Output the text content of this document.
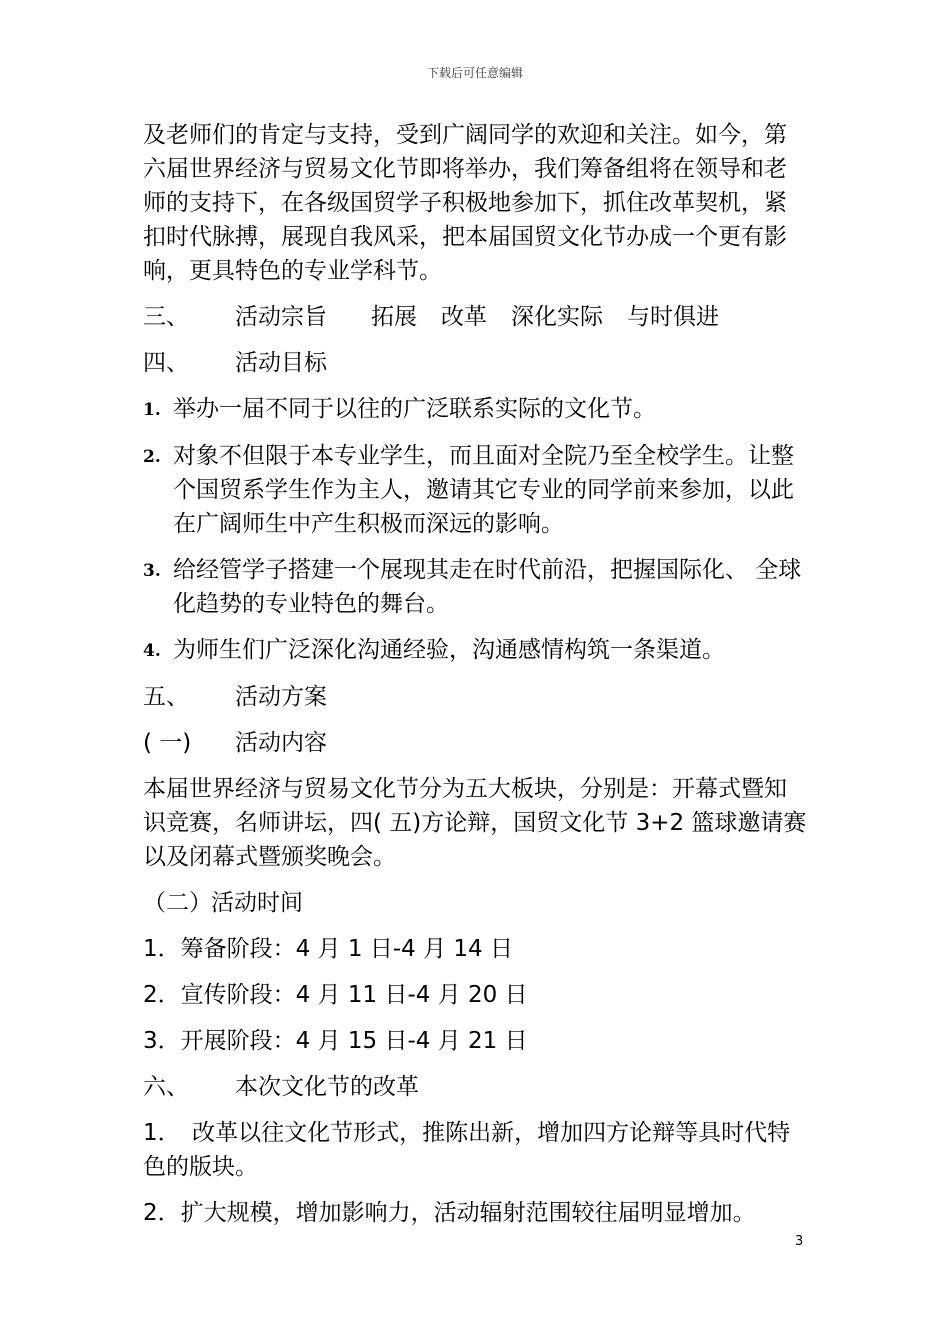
下载后可任意编辑

及老师们的肯定与支持，受到广阔同学的欢迎和关注。如今，第六届世界经济与贸易文化节即将举办，我们筹备组将在领导和老师的支持下，在各级国贸学子积极地参加下，抓住改革契机，紧扣时代脉搏，展现自我风采，把本届国贸文化节办成一个更有影响，更具特色的专业学科节。

三、 活动宗旨 拓展 改革 深化实际 与时俱进
四、 活动目标
1. 举办一届不同于以往的广泛联系实际的文化节。
2. 对象不但限于本专业学生，而且面对全院乃至全校学生。让整个国贸系学生作为主人，邀请其它专业的同学前来参加，以此在广阔师生中产生积极而深远的影响。
3. 给经管学子搭建一个展现其走在时代前沿，把握国际化、 全球化趋势的专业特色的舞台。
4. 为师生们广泛深化沟通经验，沟通感情构筑一条渠道。
五、 活动方案
( 一) 活动内容

本届世界经济与贸易文化节分为五大板块，分别是：开幕式暨知识竞赛，名师讲坛，四( 五)方论辩，国贸文化节 3+2 篮球邀请赛以及闭幕式暨颁奖晚会。

（二）活动时间
1．筹备阶段：4 月 1 日-4 月 14 日
2．宣传阶段：4 月 11 日-4 月 20 日
3．开展阶段：4 月 15 日-4 月 21 日
六、 本次文化节的改革

1．　改革以往文化节形式，推陈出新，增加四方论辩等具时代特色的版块。

2．扩大规模，增加影响力，活动辐射范围较往届明显增加。

3
